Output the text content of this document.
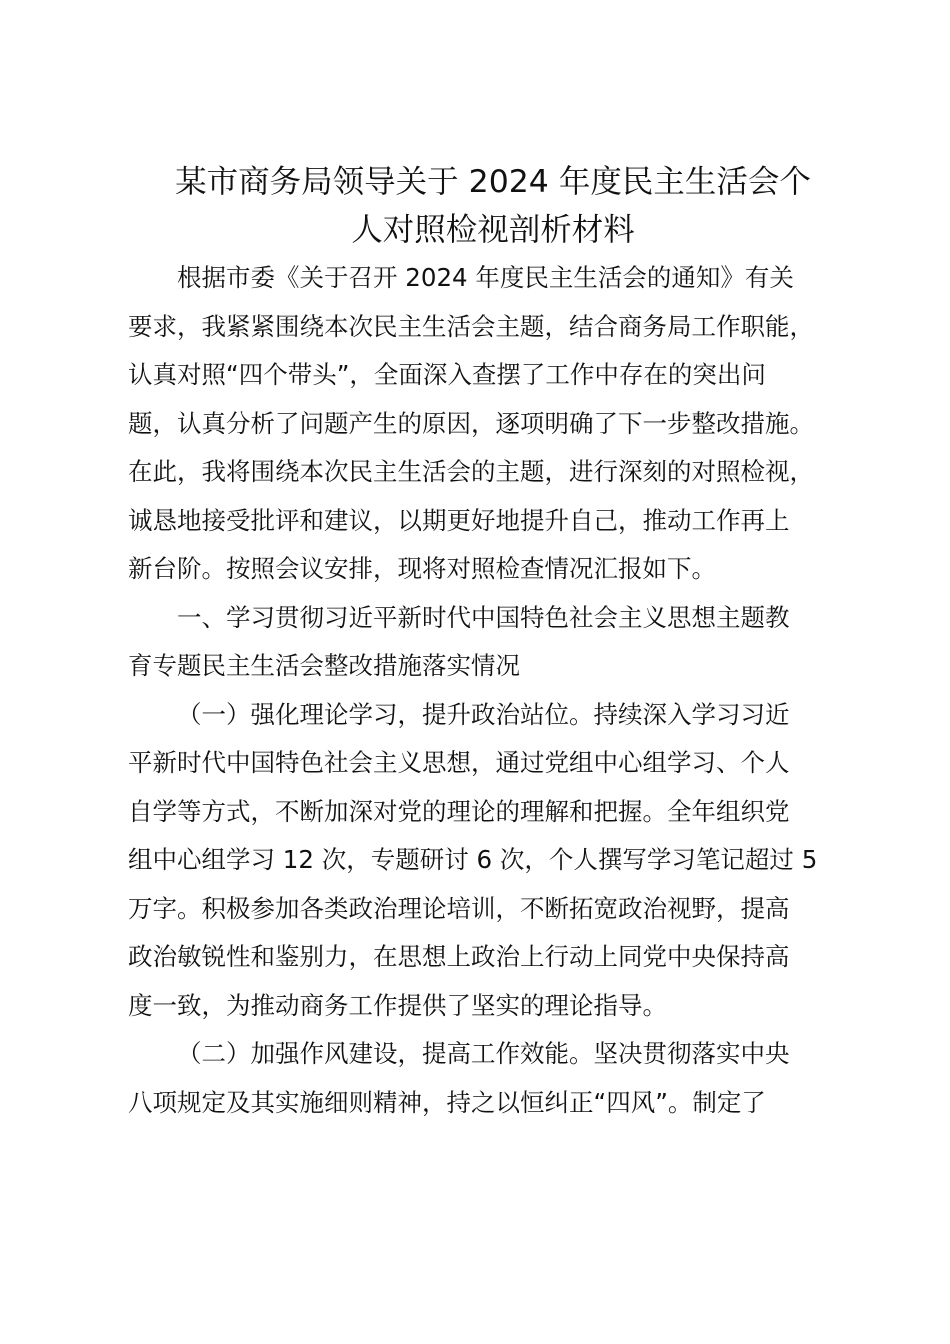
某市商务局领导关于 2024 年度民主生活会个
人对照检视剖析材料

根据市委《关于召开 2024 年度民主生活会的通知》有关
要求，我紧紧围绕本次民主生活会主题，结合商务局工作职能，
认真对照“四个带头”，全面深入查摆了工作中存在的突出问
题，认真分析了问题产生的原因，逐项明确了下一步整改措施。
在此，我将围绕本次民主生活会的主题，进行深刻的对照检视，
诚恳地接受批评和建议，以期更好地提升自己，推动工作再上
新台阶。按照会议安排，现将对照检查情况汇报如下。

一、学习贯彻习近平新时代中国特色社会主义思想主题教
育专题民主生活会整改措施落实情况

（一）强化理论学习，提升政治站位。持续深入学习习近
平新时代中国特色社会主义思想，通过党组中心组学习、个人
自学等方式，不断加深对党的理论的理解和把握。全年组织党
组中心组学习 12 次，专题研讨 6 次，个人撰写学习笔记超过 5
万字。积极参加各类政治理论培训，不断拓宽政治视野，提高
政治敏锐性和鉴别力，在思想上政治上行动上同党中央保持高
度一致，为推动商务工作提供了坚实的理论指导。

（二）加强作风建设，提高工作效能。坚决贯彻落实中央
八项规定及其实施细则精神，持之以恒纠正“四风”。制定了
